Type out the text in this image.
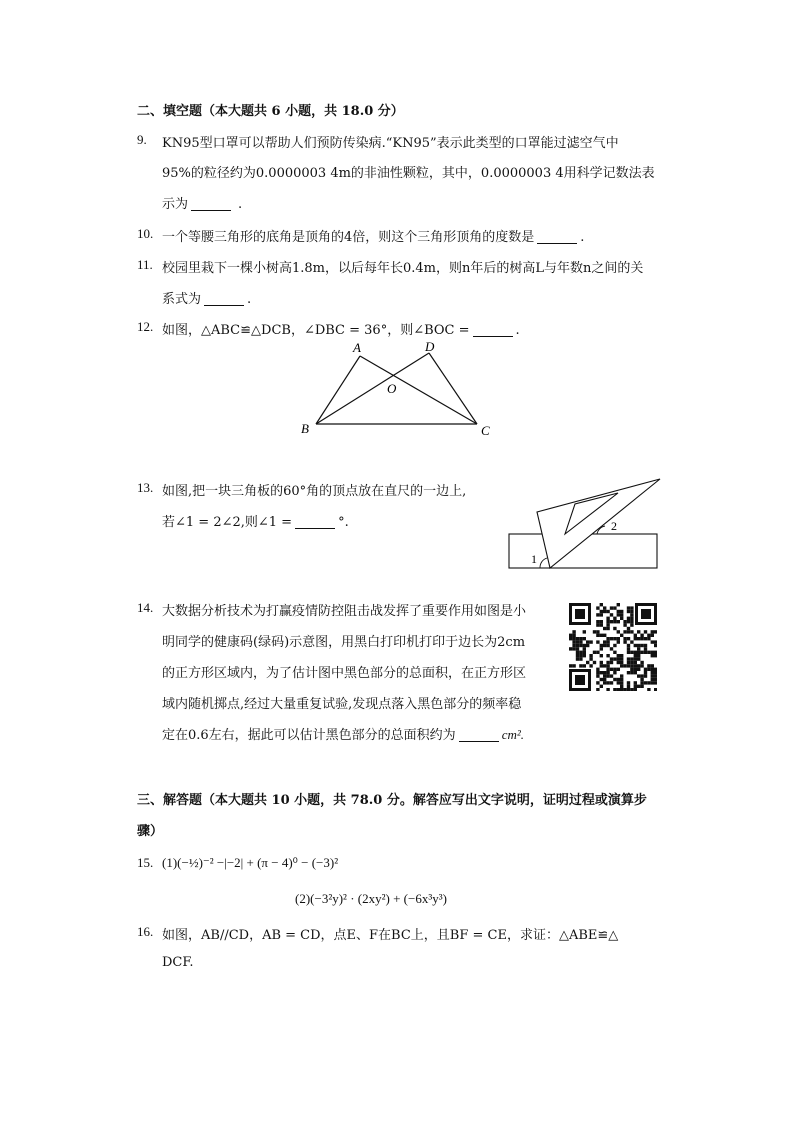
二、填空题（本大题共 6 小题，共 18.0 分）
9. KN95型口罩可以帮助人们预防传染病.“KN95”表示此类型的口罩能过滤空气中
95%的粒径约为0.0000003 4m的非油性颗粒，其中，0.0000003 4用科学记数法表
示为	.
10. 一个等腰三角形的底角是顶角的4倍，则这个三角形顶角的度数是	.
11. 校园里栽下一棵小树高1.8m，以后每年长0.4m，则n年后的树高L与年数n之间的关
系式为	.
12. 如图，△ABC≌△DCB，∠DBC = 36°，则∠BOC =	.
A	D
O
B	C
13. 如图,把一块三角板的60°角的顶点放在直尺的一边上,
若∠1 = 2∠2,则∠1 =	°.
1
2
14. 大数据分析技术为打赢疫情防控阻击战发挥了重要作用如图是小
明同学的健康码(绿码)示意图，用黑白打印机打印于边长为2cm
的正方形区域内，为了估计图中黑色部分的总面积，在正方形区
域内随机掷点,经过大量重复试验,发现点落入黑色部分的频率稳
定在0.6左右，据此可以估计黑色部分的总面积约为	cm².
三、解答题（本大题共 10 小题，共 78.0 分。解答应写出文字说明，证明过程或演算步
骤）
15. (1)(−½)⁻² −|−2| + (π − 4)⁰ − (−3)²
(2)(−3²y)² · (2xy²) + (−6x³y³)
16. 如图，AB//CD，AB = CD，点E、F在BC上，且BF = CE，求证：△ABE≌△
DCF.
